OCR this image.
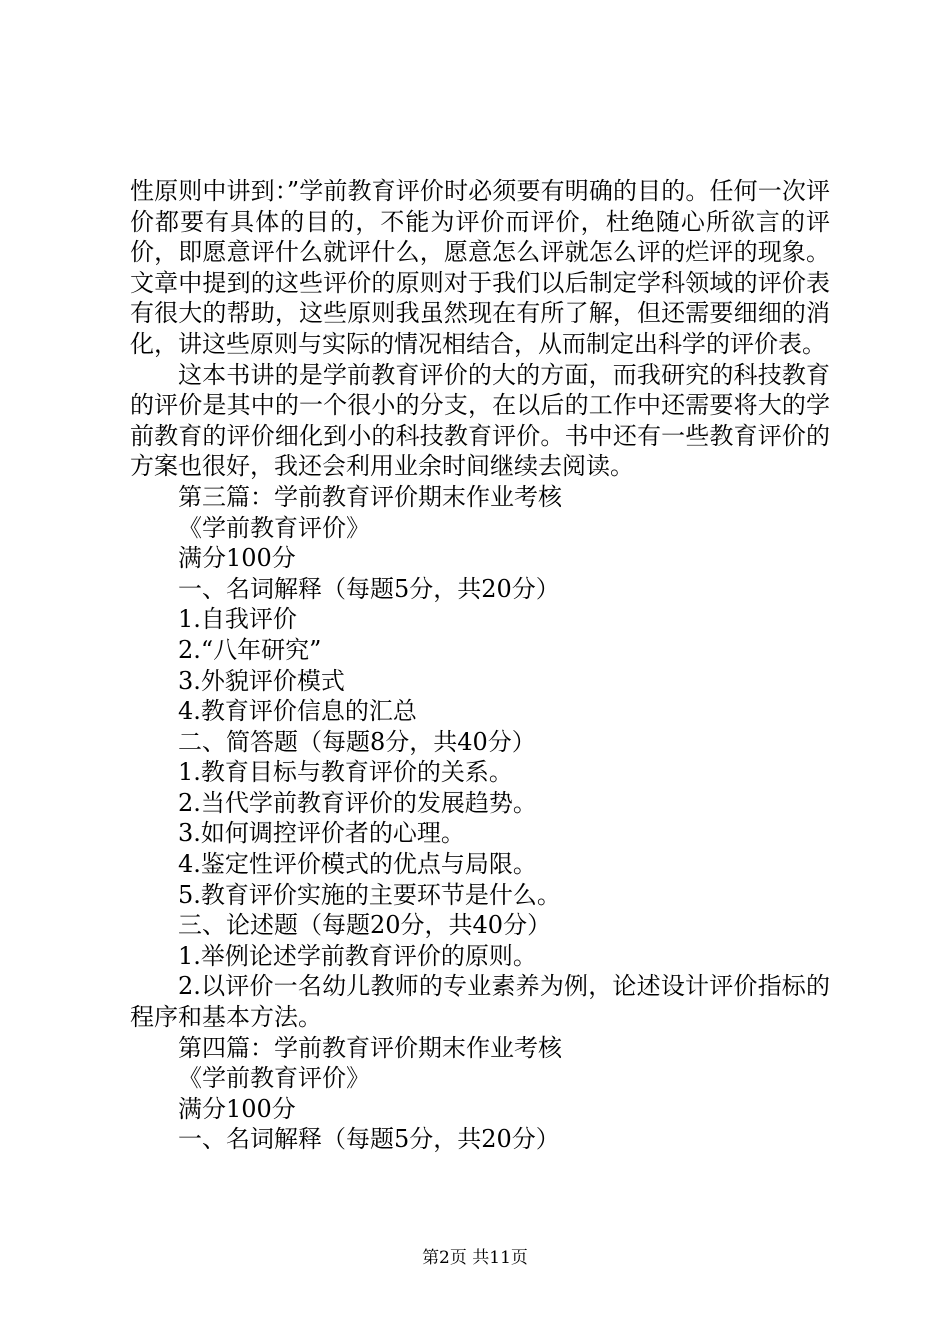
性原则中讲到：”学前教育评价时必须要有明确的目的。任何一次评价都要有具体的目的，不能为评价而评价，杜绝随心所欲言的评价，即愿意评什么就评什么，愿意怎么评就怎么评的烂评的现象。文章中提到的这些评价的原则对于我们以后制定学科领域的评价表有很大的帮助，这些原则我虽然现在有所了解，但还需要细细的消化，讲这些原则与实际的情况相结合，从而制定出科学的评价表。

这本书讲的是学前教育评价的大的方面，而我研究的科技教育的评价是其中的一个很小的分支，在以后的工作中还需要将大的学前教育的评价细化到小的科技教育评价。书中还有一些教育评价的方案也很好，我还会利用业余时间继续去阅读。

第三篇：学前教育评价期末作业考核

《学前教育评价》

满分100分

一、名词解释（每题5分，共20分）

1.自我评价

2.“八年研究”

3.外貌评价模式

4.教育评价信息的汇总

二、简答题（每题8分，共40分）

1.教育目标与教育评价的关系。

2.当代学前教育评价的发展趋势。

3.如何调控评价者的心理。

4.鉴定性评价模式的优点与局限。

5.教育评价实施的主要环节是什么。

三、论述题（每题20分，共40分）

1.举例论述学前教育评价的原则。

2.以评价一名幼儿教师的专业素养为例，论述设计评价指标的程序和基本方法。

第四篇：学前教育评价期末作业考核

《学前教育评价》

满分100分

一、名词解释（每题5分，共20分）

第2页 共11页
